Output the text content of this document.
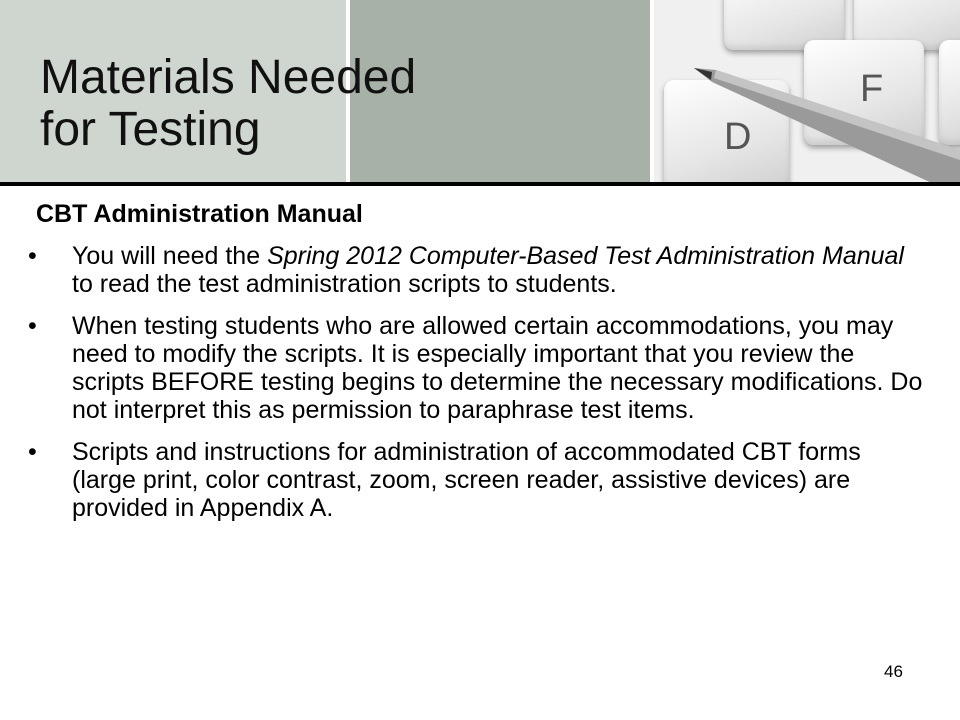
F
D
Materials Needed
for Testing
CBT Administration Manual
• You will need the Spring 2012 Computer-Based Test Administration Manual to read the test administration scripts to students.
• When testing students who are allowed certain accommodations, you may need to modify the scripts. It is especially important that you review the scripts BEFORE testing begins to determine the necessary modifications. Do not interpret this as permission to paraphrase test items.
• Scripts and instructions for administration of accommodated CBT forms (large print, color contrast, zoom, screen reader, assistive devices) are provided in Appendix A.
46
